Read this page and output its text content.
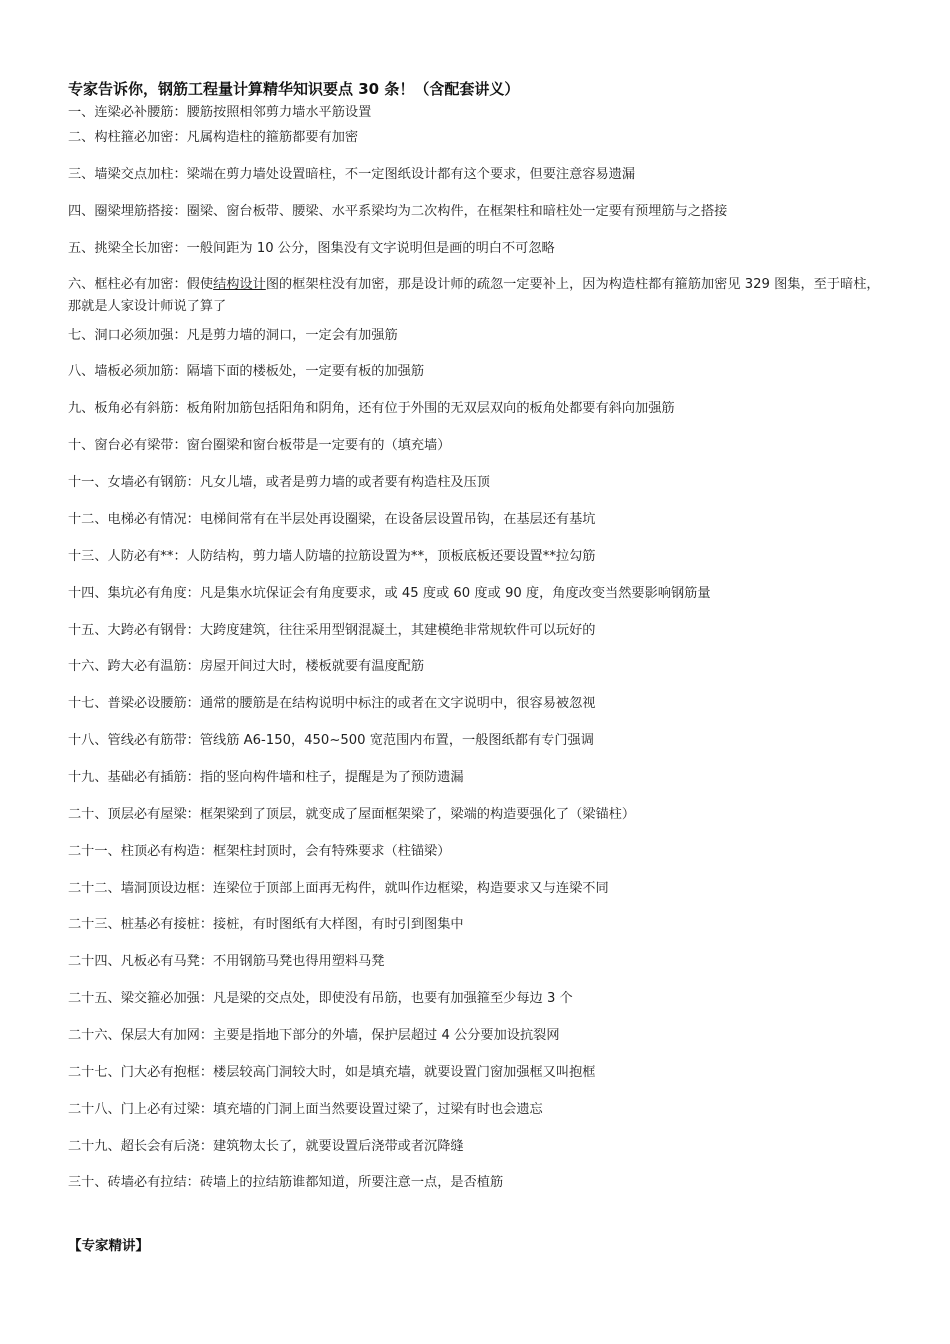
专家告诉你，钢筋工程量计算精华知识要点 30 条！（含配套讲义）
一、连梁必补腰筋：腰筋按照相邻剪力墙水平筋设置
二、构柱箍必加密：凡属构造柱的箍筋都要有加密
三、墙梁交点加柱：梁端在剪力墙处设置暗柱，不一定图纸设计都有这个要求，但要注意容易遗漏
四、圈梁埋筋搭接：圈梁、窗台板带、腰梁、水平系梁均为二次构件，在框架柱和暗柱处一定要有预埋筋与之搭接
五、挑梁全长加密：一般间距为 10 公分，图集没有文字说明但是画的明白不可忽略
六、框柱必有加密：假使结构设计图的框架柱没有加密，那是设计师的疏忽一定要补上，因为构造柱都有箍筋加密见 329 图集，至于暗柱，那就是人家设计师说了算了
七、洞口必须加强：凡是剪力墙的洞口，一定会有加强筋
八、墙板必须加筋：隔墙下面的楼板处，一定要有板的加强筋
九、板角必有斜筋：板角附加筋包括阳角和阴角，还有位于外围的无双层双向的板角处都要有斜向加强筋
十、窗台必有梁带：窗台圈梁和窗台板带是一定要有的（填充墙）
十一、女墙必有钢筋：凡女儿墙，或者是剪力墙的或者要有构造柱及压顶
十二、电梯必有情况：电梯间常有在半层处再设圈梁，在设备层设置吊钩，在基层还有基坑
十三、人防必有**：人防结构，剪力墙人防墙的拉筋设置为**，顶板底板还要设置**拉勾筋
十四、集坑必有角度：凡是集水坑保证会有角度要求，或 45 度或 60 度或 90 度，角度改变当然要影响钢筋量
十五、大跨必有钢骨：大跨度建筑，往往采用型钢混凝土，其建模绝非常规软件可以玩好的
十六、跨大必有温筋：房屋开间过大时，楼板就要有温度配筋
十七、普梁必设腰筋：通常的腰筋是在结构说明中标注的或者在文字说明中，很容易被忽视
十八、管线必有筋带：管线筋 A6-150，450~500 宽范围内布置，一般图纸都有专门强调
十九、基础必有插筋：指的竖向构件墙和柱子，提醒是为了预防遗漏
二十、顶层必有屋梁：框架梁到了顶层，就变成了屋面框架梁了，梁端的构造要强化了（梁锚柱）
二十一、柱顶必有构造：框架柱封顶时，会有特殊要求（柱锚梁）
二十二、墙洞顶设边框：连梁位于顶部上面再无构件，就叫作边框梁，构造要求又与连梁不同
二十三、桩基必有接桩：接桩，有时图纸有大样图，有时引到图集中
二十四、凡板必有马凳：不用钢筋马凳也得用塑料马凳
二十五、梁交箍必加强：凡是梁的交点处，即使没有吊筋，也要有加强箍至少每边 3 个
二十六、保层大有加网：主要是指地下部分的外墙，保护层超过 4 公分要加设抗裂网
二十七、门大必有抱框：楼层较高门洞较大时，如是填充墙，就要设置门窗加强框又叫抱框
二十八、门上必有过梁：填充墙的门洞上面当然要设置过梁了，过梁有时也会遗忘
二十九、超长会有后浇：建筑物太长了，就要设置后浇带或者沉降缝
三十、砖墙必有拉结：砖墙上的拉结筋谁都知道，所要注意一点，是否植筋
【专家精讲】
